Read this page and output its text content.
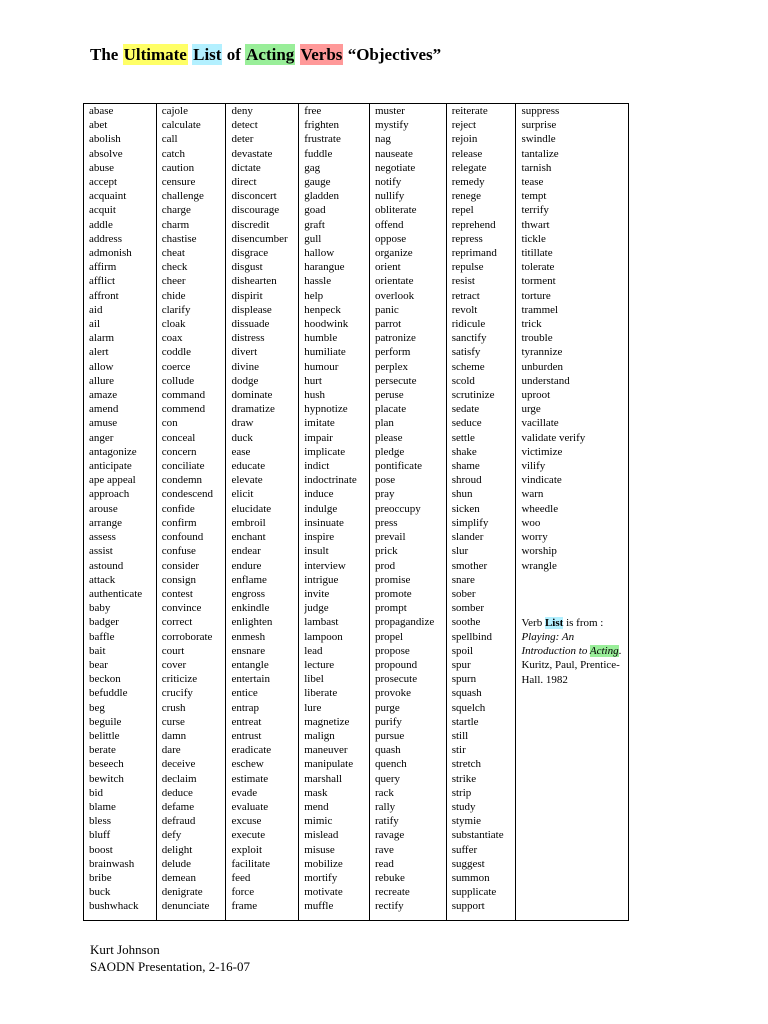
The Ultimate List of Acting Verbs “Objectives”
abase
abet
abolish
absolve
abuse
accept
acquaint
acquit
addle
address
admonish
affirm
afflict
affront
aid
ail
alarm
alert
allow
allure
amaze
amend
amuse
anger
antagonize
anticipate
ape appeal
approach
arouse
arrange
assess
assist
astound
attack
authenticate
baby
badger
baffle
bait
bear
beckon
befuddle
beg
beguile
belittle
berate
beseech
bewitch
bid
blame
bless
bluff
boost
brainwash
bribe
buck
bushwhack
cajole
calculate
call
catch
caution
censure
challenge
charge
charm
chastise
cheat
check
cheer
chide
clarify
cloak
coax
coddle
coerce
collude
command
commend
con
conceal
concern
conciliate
condemn
condescend
confide
confirm
confound
confuse
consider
consign
contest
convince
correct
corroborate
court
cover
criticize
crucify
crush
curse
damn
dare
deceive
declaim
deduce
defame
defraud
defy
delight
delude
demean
denigrate
denunciate
deny
detect
deter
devastate
dictate
direct
disconcert
discourage
discredit
disencumber
disgrace
disgust
dishearten
dispirit
displease
dissuade
distress
divert
divine
dodge
dominate
dramatize
draw
duck
ease
educate
elevate
elicit
elucidate
embroil
enchant
endear
endure
enflame
engross
enkindle
enlighten
enmesh
ensnare
entangle
entertain
entice
entrap
entreat
entrust
eradicate
eschew
estimate
evade
evaluate
excuse
execute
exploit
facilitate
feed
force
frame
free
frighten
frustrate
fuddle
gag
gauge
gladden
goad
graft
gull
hallow
harangue
hassle
help
henpeck
hoodwink
humble
humiliate
humour
hurt
hush
hypnotize
imitate
impair
implicate
indict
indoctrinate
induce
indulge
insinuate
inspire
insult
interview
intrigue
invite
judge
lambast
lampoon
lead
lecture
libel
liberate
lure
magnetize
malign
maneuver
manipulate
marshall
mask
mend
mimic
mislead
misuse
mobilize
mortify
motivate
muffle
muster
mystify
nag
nauseate
negotiate
notify
nullify
obliterate
offend
oppose
organize
orient
orientate
overlook
panic
parrot
patronize
perform
perplex
persecute
peruse
placate
plan
please
pledge
pontificate
pose
pray
preoccupy
press
prevail
prick
prod
promise
promote
prompt
propagandize
propel
propose
propound
prosecute
provoke
purge
purify
pursue
quash
quench
query
rack
rally
ratify
ravage
rave
read
rebuke
recreate
rectify
reiterate
reject
rejoin
release
relegate
remedy
renege
repel
reprehend
repress
reprimand
repulse
resist
retract
revolt
ridicule
sanctify
satisfy
scheme
scold
scrutinize
sedate
seduce
settle
shake
shame
shroud
shun
sicken
simplify
slander
slur
smother
snare
sober
somber
soothe
spellbind
spoil
spur
spurn
squash
squelch
startle
still
stir
stretch
strike
strip
study
stymie
substantiate
suffer
suggest
summon
supplicate
support
suppress
surprise
swindle
tantalize
tarnish
tease
tempt
terrify
thwart
tickle
titillate
tolerate
torment
torture
trammel
trick
trouble
tyrannize
unburden
understand
uproot
urge
vacillate
validate verify
victimize
vilify
vindicate
warn
wheedle
woo
worry
worship
wrangle
Verb List is from : Playing: An Introduction to Acting. Kuritz, Paul, Prentice-Hall. 1982
Kurt Johnson
SAODN Presentation, 2-16-07
